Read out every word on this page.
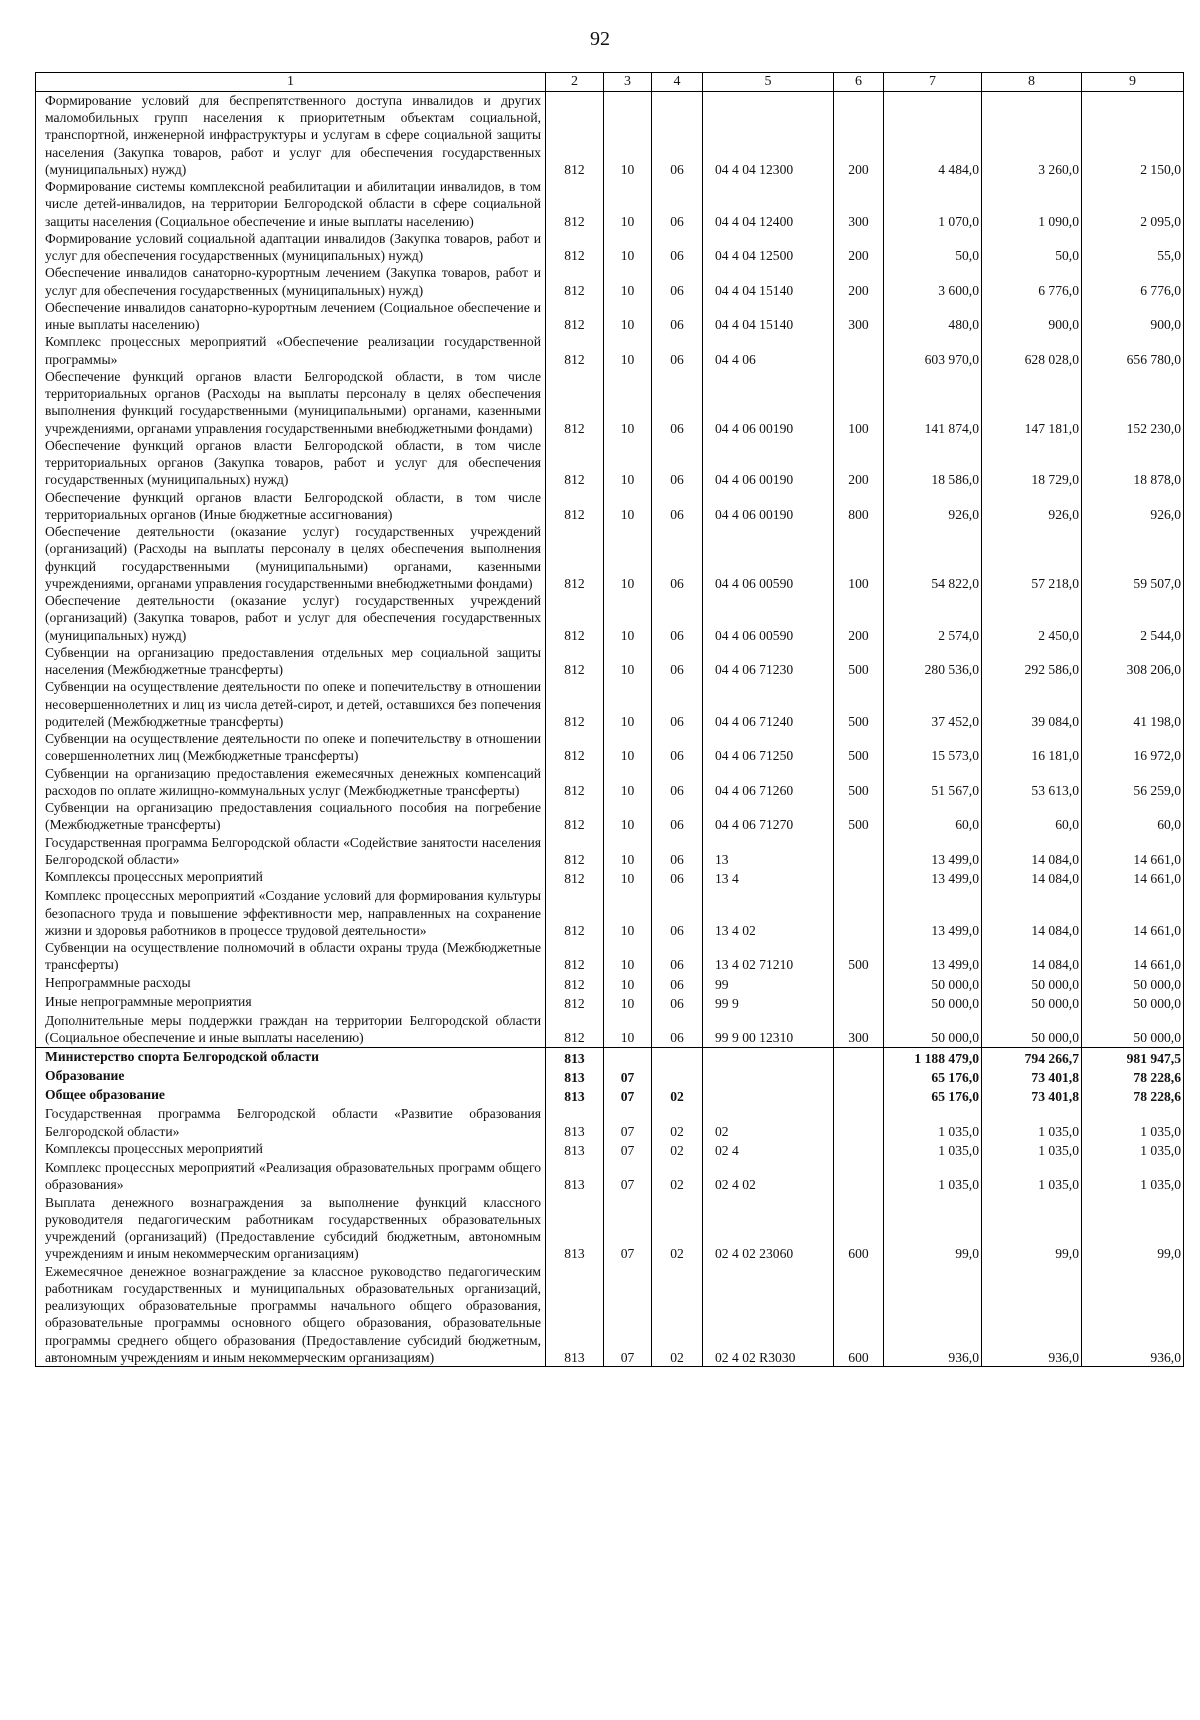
92
1	2	3	4	5	6	7	8	9
Формирование условий для беспрепятственного доступа инвалидов и других маломобильных групп населения к приоритетным объектам социальной, транспортной, инженерной инфраструктуры и услугам в сфере социальной защиты населения (Закупка товаров, работ и услуг для обеспечения государственных (муниципальных) нужд)	812	10	06	04 4 04 12300	200	4 484,0	3 260,0	2 150,0
Формирование системы комплексной реабилитации и абилитации инвалидов, в том числе детей-инвалидов, на территории Белгородской области в сфере социальной защиты населения (Социальное обеспечение и иные выплаты населению)	812	10	06	04 4 04 12400	300	1 070,0	1 090,0	2 095,0
Формирование условий социальной адаптации инвалидов (Закупка товаров, работ и услуг для обеспечения государственных (муниципальных) нужд)	812	10	06	04 4 04 12500	200	50,0	50,0	55,0
Обеспечение инвалидов санаторно-курортным лечением (Закупка товаров, работ и услуг для обеспечения государственных (муниципальных) нужд)	812	10	06	04 4 04 15140	200	3 600,0	6 776,0	6 776,0
Обеспечение инвалидов санаторно-курортным лечением (Социальное обеспечение и иные выплаты населению)	812	10	06	04 4 04 15140	300	480,0	900,0	900,0
Комплекс процессных мероприятий «Обеспечение реализации государственной программы»	812	10	06	04 4 06		603 970,0	628 028,0	656 780,0
Обеспечение функций органов власти Белгородской области, в том числе территориальных органов (Расходы на выплаты персоналу в целях обеспечения выполнения функций государственными (муниципальными) органами, казенными учреждениями, органами управления государственными внебюджетными фондами)	812	10	06	04 4 06 00190	100	141 874,0	147 181,0	152 230,0
Обеспечение функций органов власти Белгородской области, в том числе территориальных органов (Закупка товаров, работ и услуг для обеспечения государственных (муниципальных) нужд)	812	10	06	04 4 06 00190	200	18 586,0	18 729,0	18 878,0
Обеспечение функций органов власти Белгородской области, в том числе территориальных органов (Иные бюджетные ассигнования)	812	10	06	04 4 06 00190	800	926,0	926,0	926,0
Обеспечение деятельности (оказание услуг) государственных учреждений (организаций) (Расходы на выплаты персоналу в целях обеспечения выполнения функций государственными (муниципальными) органами, казенными учреждениями, органами управления государственными внебюджетными фондами)	812	10	06	04 4 06 00590	100	54 822,0	57 218,0	59 507,0
Обеспечение деятельности (оказание услуг) государственных учреждений (организаций) (Закупка товаров, работ и услуг для обеспечения государственных (муниципальных) нужд)	812	10	06	04 4 06 00590	200	2 574,0	2 450,0	2 544,0
Субвенции на организацию предоставления отдельных мер социальной защиты населения (Межбюджетные трансферты)	812	10	06	04 4 06 71230	500	280 536,0	292 586,0	308 206,0
Субвенции на осуществление деятельности по опеке и попечительству в отношении несовершеннолетних и лиц из числа детей-сирот, и детей, оставшихся без попечения родителей (Межбюджетные трансферты)	812	10	06	04 4 06 71240	500	37 452,0	39 084,0	41 198,0
Субвенции на осуществление деятельности по опеке и попечительству в отношении совершеннолетних лиц (Межбюджетные трансферты)	812	10	06	04 4 06 71250	500	15 573,0	16 181,0	16 972,0
Субвенции на организацию предоставления ежемесячных денежных компенсаций расходов по оплате жилищно-коммунальных услуг (Межбюджетные трансферты)	812	10	06	04 4 06 71260	500	51 567,0	53 613,0	56 259,0
Субвенции на организацию предоставления социального пособия на погребение (Межбюджетные трансферты)	812	10	06	04 4 06 71270	500	60,0	60,0	60,0
Государственная программа Белгородской области «Содействие занятости населения Белгородской области»	812	10	06	13		13 499,0	14 084,0	14 661,0
Комплексы процессных мероприятий	812	10	06	13 4		13 499,0	14 084,0	14 661,0
Комплекс процессных мероприятий «Создание условий для формирования культуры безопасного труда и повышение эффективности мер, направленных на сохранение жизни и здоровья работников в процессе трудовой деятельности»	812	10	06	13 4 02		13 499,0	14 084,0	14 661,0
Субвенции на осуществление полномочий в области охраны труда (Межбюджетные трансферты)	812	10	06	13 4 02 71210	500	13 499,0	14 084,0	14 661,0
Непрограммные расходы	812	10	06	99		50 000,0	50 000,0	50 000,0
Иные непрограммные мероприятия	812	10	06	99 9		50 000,0	50 000,0	50 000,0
Дополнительные меры поддержки граждан на территории Белгородской области (Социальное обеспечение и иные выплаты населению)	812	10	06	99 9 00 12310	300	50 000,0	50 000,0	50 000,0
Министерство спорта Белгородской области	813					1 188 479,0	794 266,7	981 947,5
Образование	813	07				65 176,0	73 401,8	78 228,6
Общее образование	813	07	02			65 176,0	73 401,8	78 228,6
Государственная программа Белгородской области «Развитие образования Белгородской области»	813	07	02	02		1 035,0	1 035,0	1 035,0
Комплексы процессных мероприятий	813	07	02	02 4		1 035,0	1 035,0	1 035,0
Комплекс процессных мероприятий «Реализация образовательных программ общего образования»	813	07	02	02 4 02		1 035,0	1 035,0	1 035,0
Выплата денежного вознаграждения за выполнение функций классного руководителя педагогическим работникам государственных образовательных учреждений (организаций) (Предоставление субсидий бюджетным, автономным учреждениям и иным некоммерческим организациям)	813	07	02	02 4 02 23060	600	99,0	99,0	99,0
Ежемесячное денежное вознаграждение за классное руководство педагогическим работникам государственных и муниципальных образовательных организаций, реализующих образовательные программы начального общего образования, образовательные программы основного общего образования, образовательные программы среднего общего образования (Предоставление субсидий бюджетным, автономным учреждениям и иным некоммерческим организациям)	813	07	02	02 4 02 R3030	600	936,0	936,0	936,0
